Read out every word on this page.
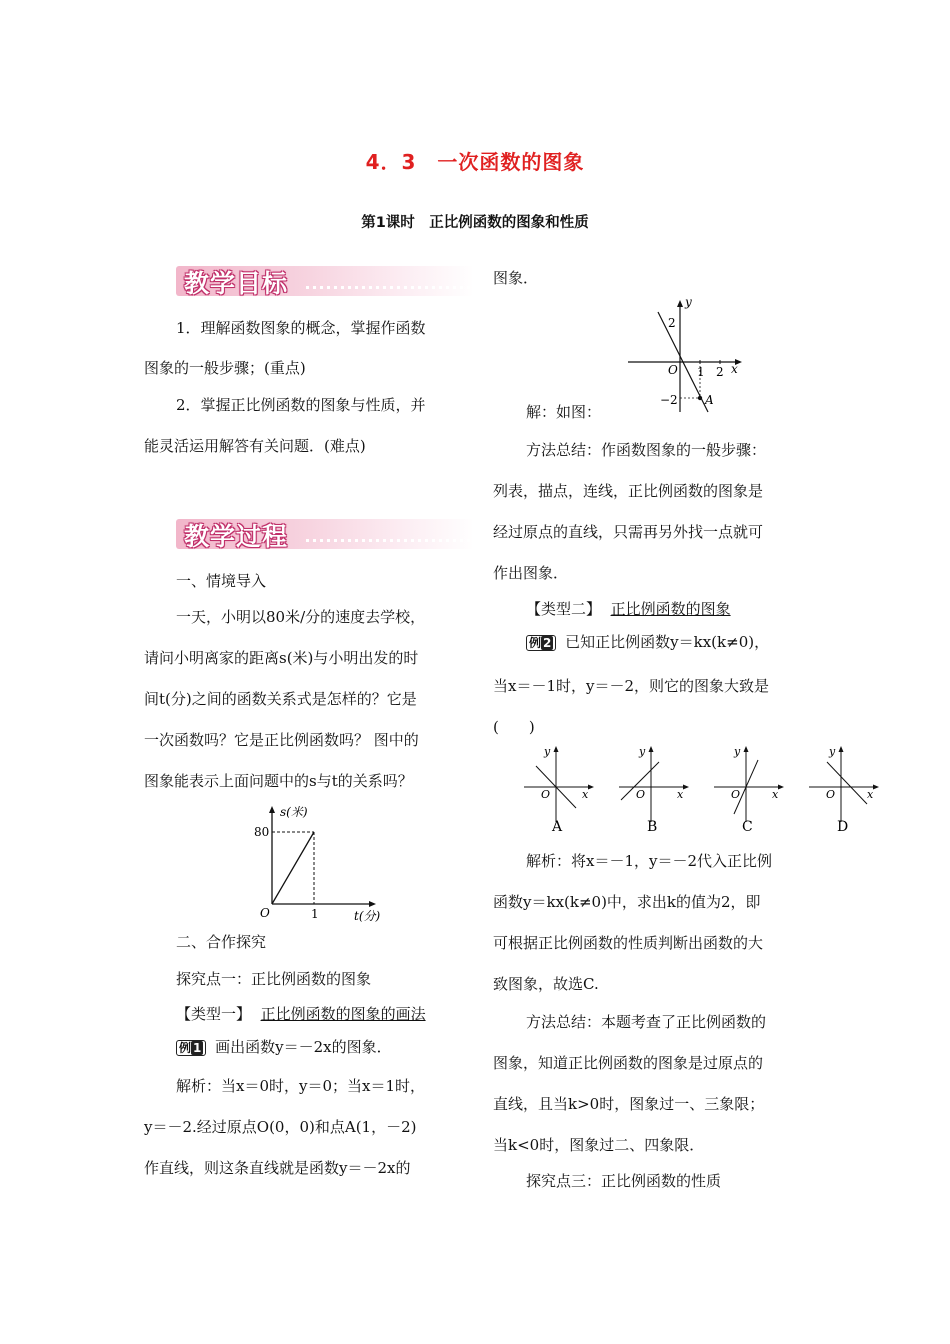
4．3　一次函数的图象
第1课时　正比例函数的图象和性质
教学目标
1．理解函数图象的概念，掌握作函数
图象的一般步骤；(重点)
2．掌握正比例函数的图象与性质，并
能灵活运用解答有关问题．(难点)
教学过程
一、情境导入
一天，小明以80米/分的速度去学校，
请问小明离家的距离s(米)与小明出发的时
间t(分)之间的函数关系式是怎样的？它是
一次函数吗？它是正比例函数吗？ 图中的
图象能表示上面问题中的s与t的关系吗？
s(米)
80
O	1	t(分)
二、合作探究
探究点一：正比例函数的图象
【类型一】 正比例函数的图象的画法
例 1 画出函数y＝－2x的图象．
解析：当x＝0时，y＝0；当x＝1时，
y＝－2.经过原点O(0，0)和点A(1，－2)
作直线，则这条直线就是函数y＝－2x的
图象．
y
2
O 1 2 x
−2 A
解：如图：
方法总结：作函数图象的一般步骤：
列表，描点，连线，正比例函数的图象是
经过原点的直线，只需再另外找一点就可
作出图象．
【类型二】 正比例函数的图象
例 2 已知正比例函数y＝kx(k≠0)，
当x＝－1时，y＝－2，则它的图象大致是
(　　)
y
x
O
A
y
x
O
B
y
x
O
C
y
x
O
D
解析：将x＝－1，y＝－2代入正比例
函数y＝kx(k≠0)中，求出k的值为2，即
可根据正比例函数的性质判断出函数的大
致图象，故选C.
方法总结：本题考查了正比例函数的
图象，知道正比例函数的图象是过原点的
直线，且当k>0时，图象过一、三象限；
当k<0时，图象过二、四象限．
探究点三：正比例函数的性质
